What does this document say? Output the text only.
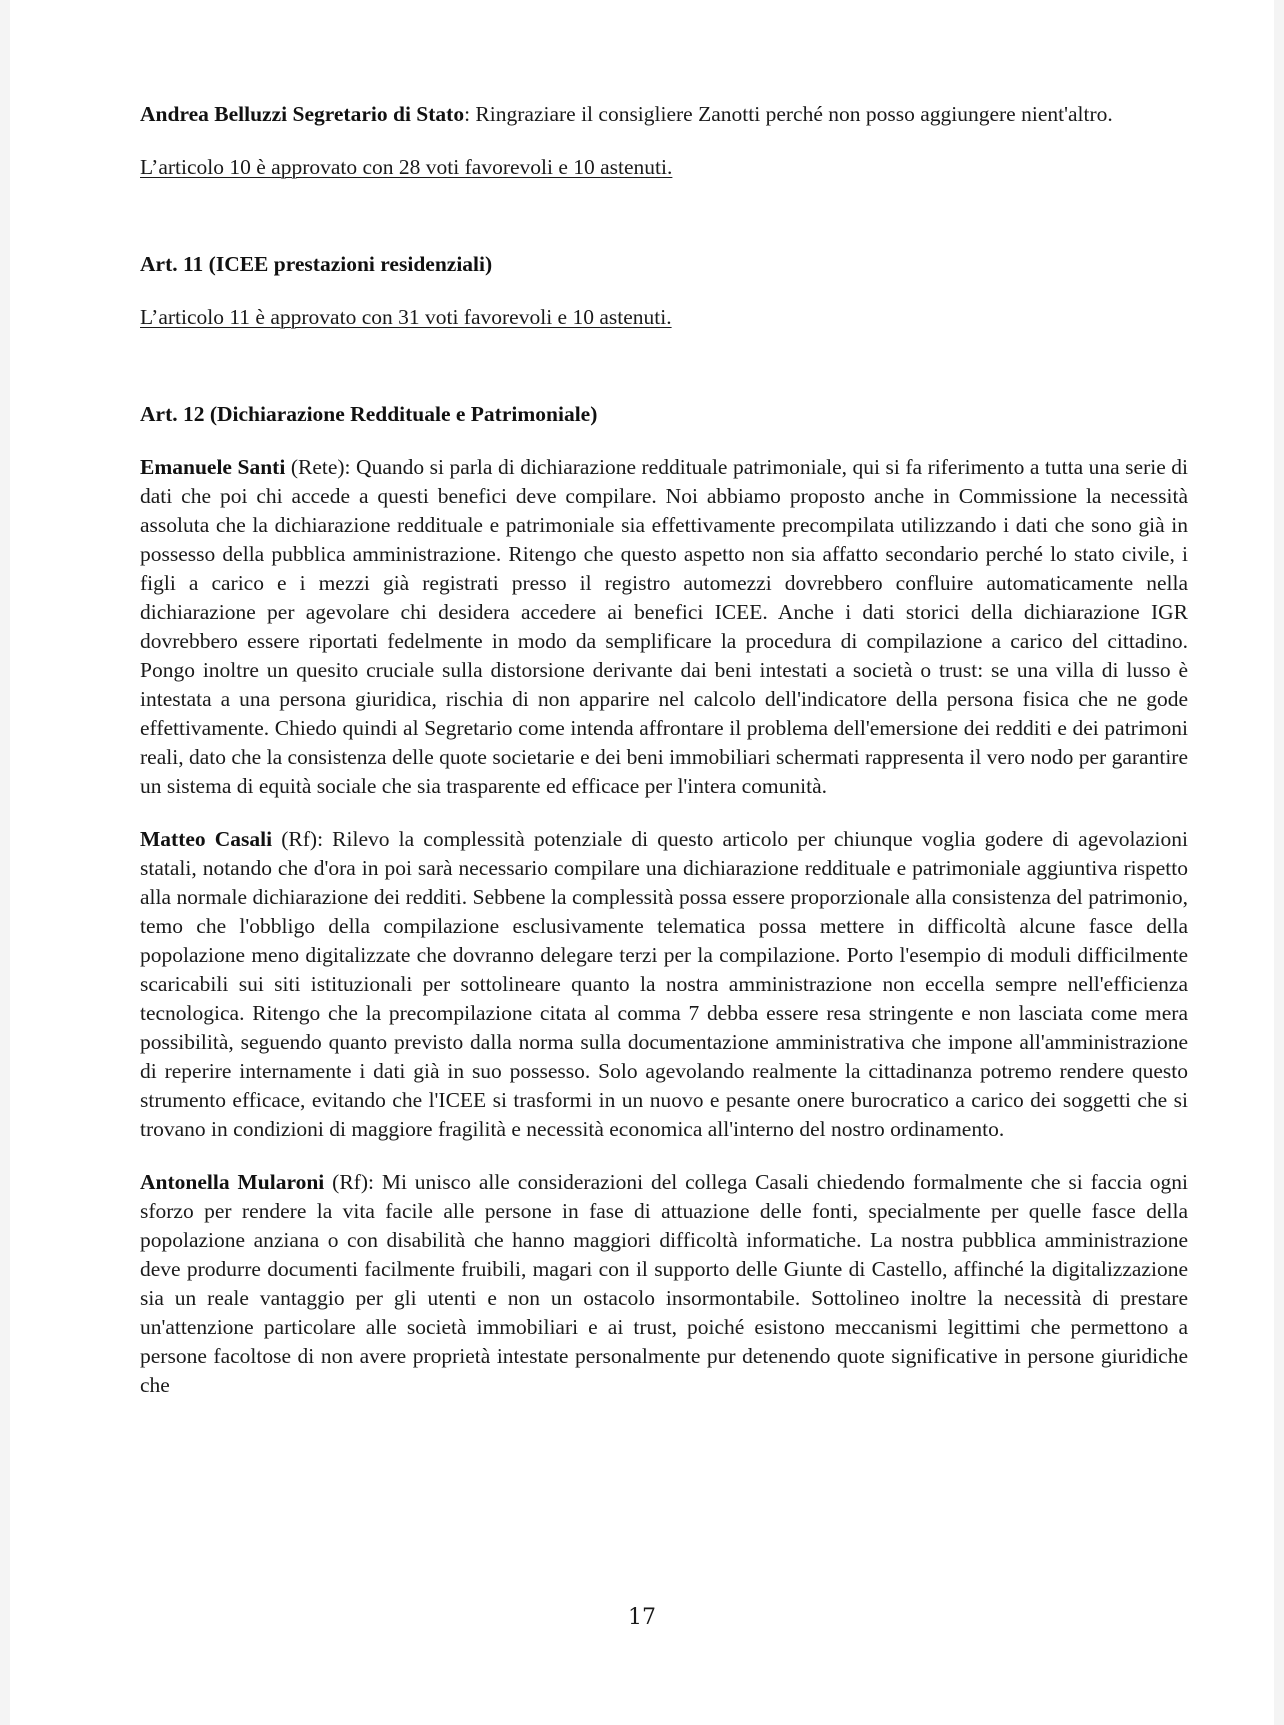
Andrea Belluzzi Segretario di Stato: Ringraziare il consigliere Zanotti perché non posso aggiungere nient'altro.

L’articolo 10 è approvato con 28 voti favorevoli e 10 astenuti.

Art. 11 (ICEE prestazioni residenziali)

L’articolo 11 è approvato con 31 voti favorevoli e 10 astenuti.

Art. 12 (Dichiarazione Reddituale e Patrimoniale)

Emanuele Santi (Rete): Quando si parla di dichiarazione reddituale patrimoniale, qui si fa riferimento a tutta una serie di dati che poi chi accede a questi benefici deve compilare. Noi abbiamo proposto anche in Commissione la necessità assoluta che la dichiarazione reddituale e patrimoniale sia effettivamente precompilata utilizzando i dati che sono già in possesso della pubblica amministrazione. Ritengo che questo aspetto non sia affatto secondario perché lo stato civile, i figli a carico e i mezzi già registrati presso il registro automezzi dovrebbero confluire automaticamente nella dichiarazione per agevolare chi desidera accedere ai benefici ICEE. Anche i dati storici della dichiarazione IGR dovrebbero essere riportati fedelmente in modo da semplificare la procedura di compilazione a carico del cittadino. Pongo inoltre un quesito cruciale sulla distorsione derivante dai beni intestati a società o trust: se una villa di lusso è intestata a una persona giuridica, rischia di non apparire nel calcolo dell'indicatore della persona fisica che ne gode effettivamente. Chiedo quindi al Segretario come intenda affrontare il problema dell'emersione dei redditi e dei patrimoni reali, dato che la consistenza delle quote societarie e dei beni immobiliari schermati rappresenta il vero nodo per garantire un sistema di equità sociale che sia trasparente ed efficace per l'intera comunità.

Matteo Casali (Rf): Rilevo la complessità potenziale di questo articolo per chiunque voglia godere di agevolazioni statali, notando che d'ora in poi sarà necessario compilare una dichiarazione reddituale e patrimoniale aggiuntiva rispetto alla normale dichiarazione dei redditi. Sebbene la complessità possa essere proporzionale alla consistenza del patrimonio, temo che l'obbligo della compilazione esclusivamente telematica possa mettere in difficoltà alcune fasce della popolazione meno digitalizzate che dovranno delegare terzi per la compilazione. Porto l'esempio di moduli difficilmente scaricabili sui siti istituzionali per sottolineare quanto la nostra amministrazione non eccella sempre nell'efficienza tecnologica. Ritengo che la precompilazione citata al comma 7 debba essere resa stringente e non lasciata come mera possibilità, seguendo quanto previsto dalla norma sulla documentazione amministrativa che impone all'amministrazione di reperire internamente i dati già in suo possesso. Solo agevolando realmente la cittadinanza potremo rendere questo strumento efficace, evitando che l'ICEE si trasformi in un nuovo e pesante onere burocratico a carico dei soggetti che si trovano in condizioni di maggiore fragilità e necessità economica all'interno del nostro ordinamento.

Antonella Mularoni (Rf): Mi unisco alle considerazioni del collega Casali chiedendo formalmente che si faccia ogni sforzo per rendere la vita facile alle persone in fase di attuazione delle fonti, specialmente per quelle fasce della popolazione anziana o con disabilità che hanno maggiori difficoltà informatiche. La nostra pubblica amministrazione deve produrre documenti facilmente fruibili, magari con il supporto delle Giunte di Castello, affinché la digitalizzazione sia un reale vantaggio per gli utenti e non un ostacolo insormontabile. Sottolineo inoltre la necessità di prestare un'attenzione particolare alle società immobiliari e ai trust, poiché esistono meccanismi legittimi che permettono a persone facoltose di non avere proprietà intestate personalmente pur detenendo quote significative in persone giuridiche che

17
